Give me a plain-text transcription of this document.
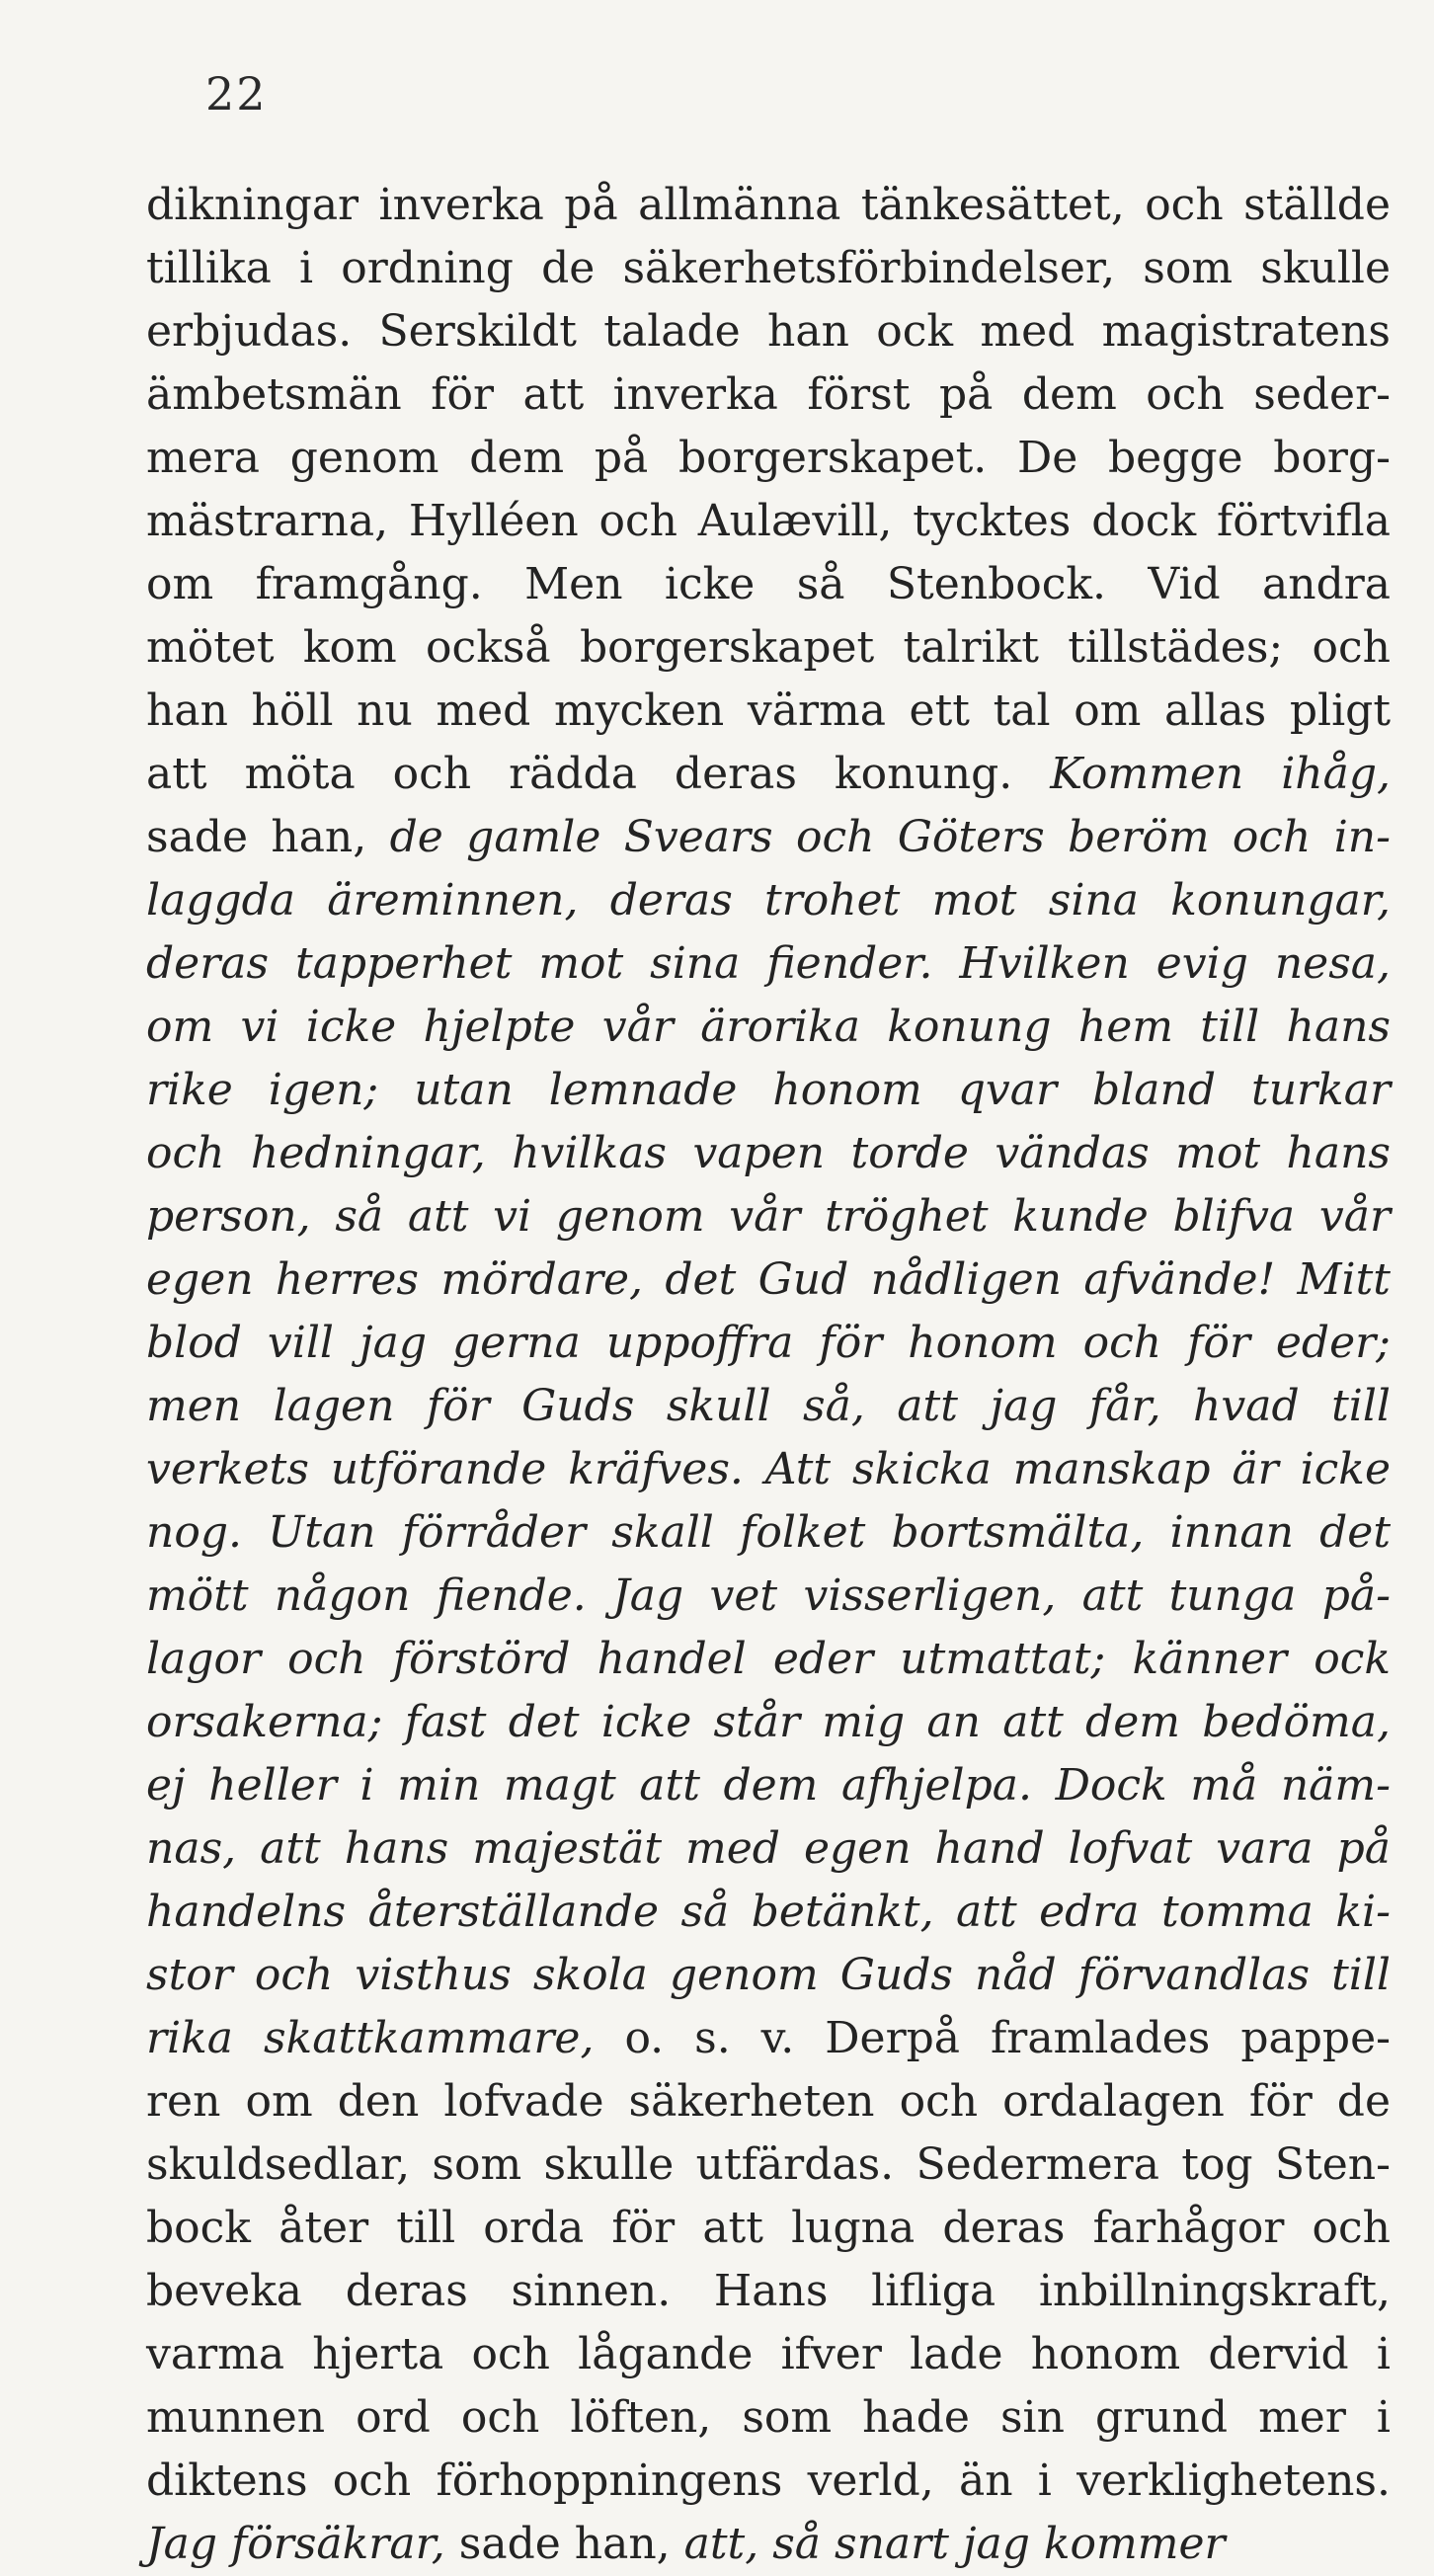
22
dikningar inverka på allmänna tänkesättet, och ställde
tillika i ordning de säkerhetsförbindelser, som skulle
erbjudas. Serskildt talade han ock med magistratens
ämbetsmän för att inverka först på dem och seder-
mera genom dem på borgerskapet. De begge borg-
mästrarna, Hylléen och Aulævill, tycktes dock förtvifla
om framgång. Men icke så Stenbock. Vid andra
mötet kom också borgerskapet talrikt tillstädes; och
han höll nu med mycken värma ett tal om allas pligt
att möta och rädda deras konung. Kommen ihåg,
sade han, de gamle Svears och Göters beröm och in-
laggda äreminnen, deras trohet mot sina konungar,
deras tapperhet mot sina fiender. Hvilken evig nesa,
om vi icke hjelpte vår ärorika konung hem till hans
rike igen; utan lemnade honom qvar bland turkar
och hedningar, hvilkas vapen torde vändas mot hans
person, så att vi genom vår tröghet kunde blifva vår
egen herres mördare, det Gud nådligen afvände! Mitt
blod vill jag gerna uppoffra för honom och för eder;
men lagen för Guds skull så, att jag får, hvad till
verkets utförande kräfves. Att skicka manskap är icke
nog. Utan förråder skall folket bortsmälta, innan det
mött någon fiende. Jag vet visserligen, att tunga på-
lagor och förstörd handel eder utmattat; känner ock
orsakerna; fast det icke står mig an att dem bedöma,
ej heller i min magt att dem afhjelpa. Dock må näm-
nas, att hans majestät med egen hand lofvat vara på
handelns återställande så betänkt, att edra tomma ki-
stor och visthus skola genom Guds nåd förvandlas till
rika skattkammare, o. s. v. Derpå framlades pappe-
ren om den lofvade säkerheten och ordalagen för de
skuldsedlar, som skulle utfärdas. Sedermera tog Sten-
bock åter till orda för att lugna deras farhågor och
beveka deras sinnen. Hans lifliga inbillningskraft,
varma hjerta och lågande ifver lade honom dervid i
munnen ord och löften, som hade sin grund mer i
diktens och förhoppningens verld, än i verklighetens.
Jag försäkrar, sade han, att, så snart jag kommer
